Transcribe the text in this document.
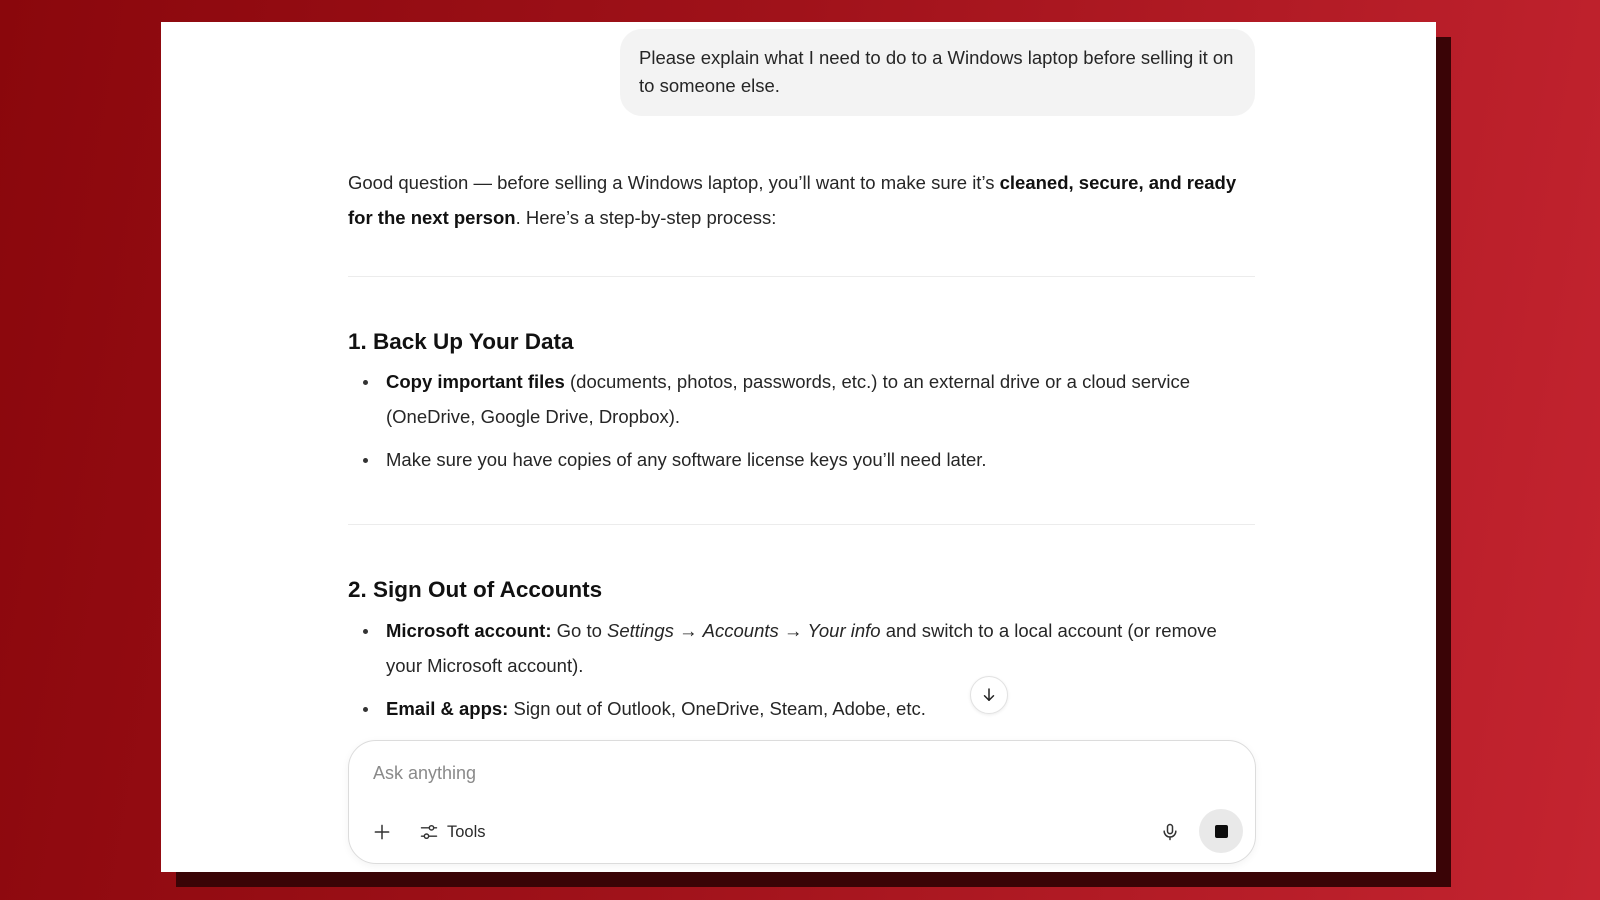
Please explain what I need to do to a Windows laptop before selling it on to someone else.

Good question — before selling a Windows laptop, you’ll want to make sure it’s cleaned, secure, and ready for the next person. Here’s a step-by-step process:

1. Back Up Your Data
Copy important files (documents, photos, passwords, etc.) to an external drive or a cloud service (OneDrive, Google Drive, Dropbox).
Make sure you have copies of any software license keys you’ll need later.
2. Sign Out of Accounts
Microsoft account: Go to Settings → Accounts → Your info and switch to a local account (or remove your Microsoft account).
Email & apps: Sign out of Outlook, OneDrive, Steam, Adobe, etc.
Ask anything
Tools
